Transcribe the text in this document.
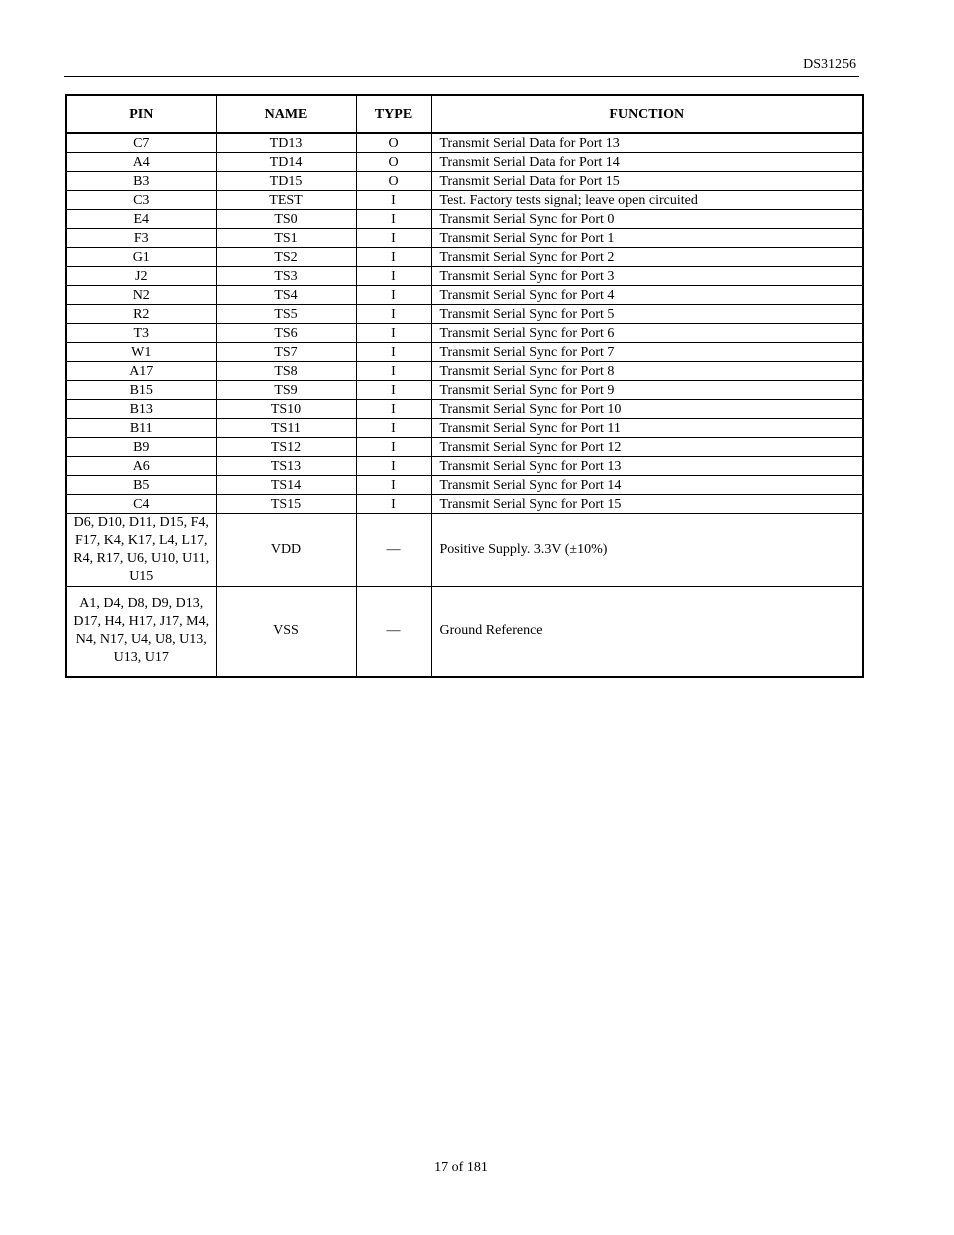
DS31256
PIN	NAME	TYPE	FUNCTION
C7	TD13	O	Transmit Serial Data for Port 13
A4	TD14	O	Transmit Serial Data for Port 14
B3	TD15	O	Transmit Serial Data for Port 15
C3	TEST	I	Test. Factory tests signal; leave open circuited
E4	TS0	I	Transmit Serial Sync for Port 0
F3	TS1	I	Transmit Serial Sync for Port 1
G1	TS2	I	Transmit Serial Sync for Port 2
J2	TS3	I	Transmit Serial Sync for Port 3
N2	TS4	I	Transmit Serial Sync for Port 4
R2	TS5	I	Transmit Serial Sync for Port 5
T3	TS6	I	Transmit Serial Sync for Port 6
W1	TS7	I	Transmit Serial Sync for Port 7
A17	TS8	I	Transmit Serial Sync for Port 8
B15	TS9	I	Transmit Serial Sync for Port 9
B13	TS10	I	Transmit Serial Sync for Port 10
B11	TS11	I	Transmit Serial Sync for Port 11
B9	TS12	I	Transmit Serial Sync for Port 12
A6	TS13	I	Transmit Serial Sync for Port 13
B5	TS14	I	Transmit Serial Sync for Port 14
C4	TS15	I	Transmit Serial Sync for Port 15
D6, D10, D11, D15, F4, F17, K4, K17, L4, L17, R4, R17, U6, U10, U11, U15	VDD	—	Positive Supply. 3.3V (±10%)
A1, D4, D8, D9, D13, D17, H4, H17, J17, M4, N4, N17, U4, U8, U13, U13, U17	VSS	—	Ground Reference
17 of 181
